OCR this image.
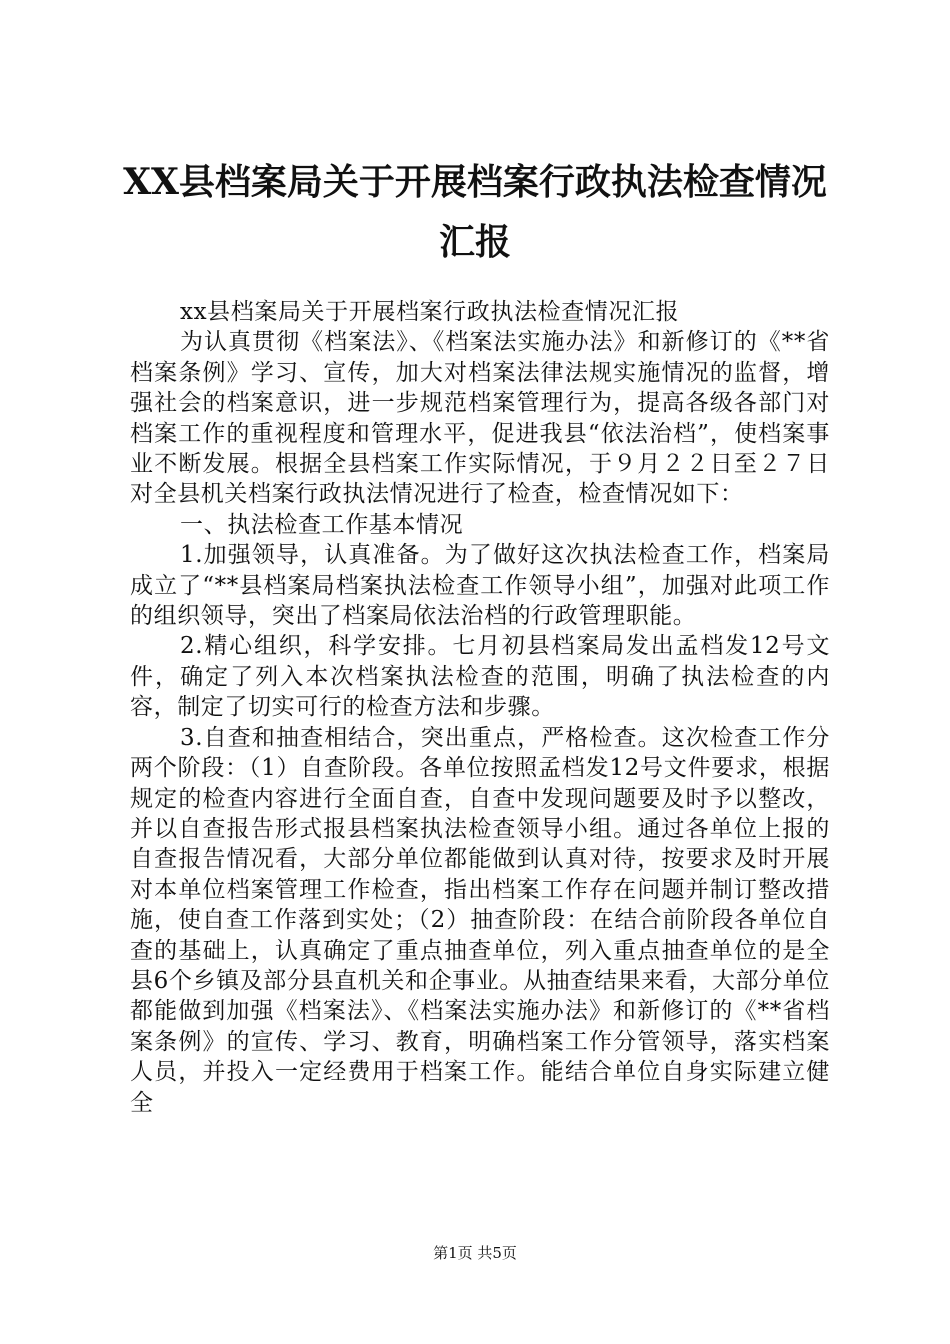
XX县档案局关于开展档案行政执法检查情况
汇报

xx县档案局关于开展档案行政执法检查情况汇报

为认真贯彻《档案法》、《档案法实施办法》和新修订的《**省档案条例》学习、宣传，加大对档案法律法规实施情况的监督，增强社会的档案意识，进一步规范档案管理行为，提高各级各部门对档案工作的重视程度和管理水平，促进我县“依法治档”，使档案事业不断发展。根据全县档案工作实际情况，于９月２２日至２７日对全县机关档案行政执法情况进行了检查，检查情况如下：

一、执法检查工作基本情况

1.加强领导，认真准备。为了做好这次执法检查工作，档案局成立了“**县档案局档案执法检查工作领导小组”，加强对此项工作的组织领导，突出了档案局依法治档的行政管理职能。

2.精心组织，科学安排。七月初县档案局发出孟档发12号文件，确定了列入本次档案执法检查的范围，明确了执法检查的内容，制定了切实可行的检查方法和步骤。

3.自查和抽查相结合，突出重点，严格检查。这次检查工作分两个阶段：（1）自查阶段。各单位按照孟档发12号文件要求，根据规定的检查内容进行全面自查，自查中发现问题要及时予以整改，并以自查报告形式报县档案执法检查领导小组。通过各单位上报的自查报告情况看，大部分单位都能做到认真对待，按要求及时开展对本单位档案管理工作检查，指出档案工作存在问题并制订整改措施，使自查工作落到实处；（2）抽查阶段：在结合前阶段各单位自查的基础上，认真确定了重点抽查单位，列入重点抽查单位的是全县6个乡镇及部分县直机关和企事业。从抽查结果来看，大部分单位都能做到加强《档案法》、《档案法实施办法》和新修订的《**省档案条例》的宣传、学习、教育，明确档案工作分管领导，落实档案人员，并投入一定经费用于档案工作。能结合单位自身实际建立健全

第1页 共5页
